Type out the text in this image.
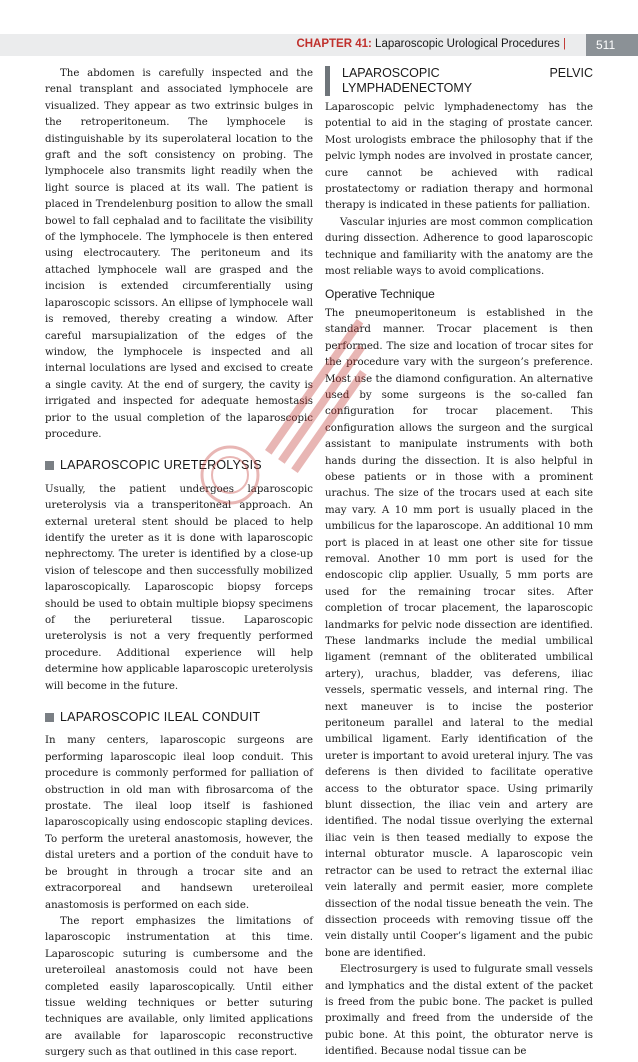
CHAPTER 41: Laparoscopic Urological Procedures |	511

The abdomen is carefully inspected and the renal transplant and associated lymphocele are visualized. They appear as two extrinsic bulges in the retroperitoneum. The lymphocele is distinguishable by its superolateral location to the graft and the soft consistency on probing. The lymphocele also transmits light readily when the light source is placed at its wall. The patient is placed in Trendelenburg position to allow the small bowel to fall cephalad and to facilitate the visibility of the lymphocele. The lymphocele is then entered using electrocautery. The peritoneum and its attached lymphocele wall are grasped and the incision is extended circumferentially using laparoscopic scissors. An ellipse of lymphocele wall is removed, thereby creating a window. After careful marsupialization of the edges of the window, the lymphocele is inspected and all internal loculations are lysed and excised to create a single cavity. At the end of surgery, the cavity is irrigated and inspected for adequate hemostasis prior to the usual completion of the laparoscopic procedure.

LAPAROSCOPIC URETEROLYSIS

Usually, the patient undergoes laparoscopic ureterolysis via a transperitoneal approach. An external ureteral stent should be placed to help identify the ureter as it is done with laparoscopic nephrectomy. The ureter is identified by a close-up vision of telescope and then successfully mobilized laparoscopically. Laparoscopic biopsy forceps should be used to obtain multiple biopsy specimens of the periureteral tissue. Laparoscopic ureterolysis is not a very frequently performed procedure. Additional experience will help determine how applicable laparoscopic ureterolysis will become in the future.

LAPAROSCOPIC ILEAL CONDUIT

In many centers, laparoscopic surgeons are performing laparoscopic ileal loop conduit. This procedure is commonly performed for palliation of obstruction in old man with fibrosarcoma of the prostate. The ileal loop itself is fashioned laparoscopically using endoscopic stapling devices. To perform the ureteral anastomosis, however, the distal ureters and a portion of the conduit have to be brought in through a trocar site and an extracorporeal and handsewn ureteroileal anastomosis is performed on each side.

The report emphasizes the limitations of laparoscopic instrumentation at this time. Laparoscopic suturing is cumbersome and the ureteroileal anastomosis could not have been completed easily laparoscopically. Until either tissue welding techniques or better suturing techniques are available, only limited applications are available for laparoscopic reconstructive surgery such as that outlined in this case report.

LAPAROSCOPIC PELVIC LYMPHADENECTOMY

Laparoscopic pelvic lymphadenectomy has the potential to aid in the staging of prostate cancer. Most urologists embrace the philosophy that if the pelvic lymph nodes are involved in prostate cancer, cure cannot be achieved with radical prostatectomy or radiation therapy and hormonal therapy is indicated in these patients for palliation.

Vascular injuries are most common complication during dissection. Adherence to good laparoscopic technique and familiarity with the anatomy are the most reliable ways to avoid complications.

Operative Technique

The pneumoperitoneum is established in the standard manner. Trocar placement is then performed. The size and location of trocar sites for the procedure vary with the surgeon’s preference. Most use the diamond configuration. An alternative used by some surgeons is the so-called fan configuration for trocar placement. This configuration allows the surgeon and the surgical assistant to manipulate instruments with both hands during the dissection. It is also helpful in obese patients or in those with a prominent urachus. The size of the trocars used at each site may vary. A 10 mm port is usually placed in the umbilicus for the laparoscope. An additional 10 mm port is placed in at least one other site for tissue removal. Another 10 mm port is used for the endoscopic clip applier. Usually, 5 mm ports are used for the remaining trocar sites. After completion of trocar placement, the laparoscopic landmarks for pelvic node dissection are identified. These landmarks include the medial umbilical ligament (remnant of the obliterated umbilical artery), urachus, bladder, vas deferens, iliac vessels, spermatic vessels, and internal ring. The next maneuver is to incise the posterior peritoneum parallel and lateral to the medial umbilical ligament. Early identification of the ureter is important to avoid ureteral injury. The vas deferens is then divided to facilitate operative access to the obturator space. Using primarily blunt dissection, the iliac vein and artery are identified. The nodal tissue overlying the external iliac vein is then teased medially to expose the internal obturator muscle. A laparoscopic vein retractor can be used to retract the external iliac vein laterally and permit easier, more complete dissection of the nodal tissue beneath the vein. The dissection proceeds with removing tissue off the vein distally until Cooper’s ligament and the pubic bone are identified.

Electrosurgery is used to fulgurate small vessels and lymphatics and the distal extent of the packet is freed from the pubic bone. The packet is pulled proximally and freed from the underside of the pubic bone. At this point, the obturator nerve is identified. Because nodal tissue can be
